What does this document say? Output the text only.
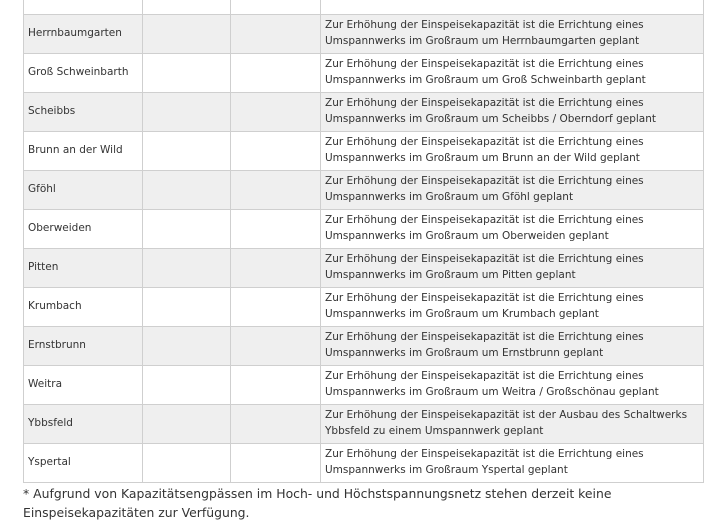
Herrnbaumgarten			Zur Erhöhung der Einspeisekapazität ist die Errichtung eines Umspannwerks im Großraum um Herrnbaumgarten geplant
Groß Schweinbarth			Zur Erhöhung der Einspeisekapazität ist die Errichtung eines Umspannwerks im Großraum um Groß Schweinbarth geplant
Scheibbs			Zur Erhöhung der Einspeisekapazität ist die Errichtung eines Umspannwerks im Großraum um Scheibbs / Oberndorf geplant
Brunn an der Wild			Zur Erhöhung der Einspeisekapazität ist die Errichtung eines Umspannwerks im Großraum um Brunn an der Wild geplant
Gföhl			Zur Erhöhung der Einspeisekapazität ist die Errichtung eines Umspannwerks im Großraum um Gföhl geplant
Oberweiden			Zur Erhöhung der Einspeisekapazität ist die Errichtung eines Umspannwerks im Großraum um Oberweiden geplant
Pitten			Zur Erhöhung der Einspeisekapazität ist die Errichtung eines Umspannwerks im Großraum um Pitten geplant
Krumbach			Zur Erhöhung der Einspeisekapazität ist die Errichtung eines Umspannwerks im Großraum um Krumbach geplant
Ernstbrunn			Zur Erhöhung der Einspeisekapazität ist die Errichtung eines Umspannwerks im Großraum um Ernstbrunn geplant
Weitra			Zur Erhöhung der Einspeisekapazität ist die Errichtung eines Umspannwerks im Großraum um Weitra / Großschönau geplant
Ybbsfeld			Zur Erhöhung der Einspeisekapazität ist der Ausbau des Schaltwerks Ybbsfeld zu einem Umspannwerk geplant
Yspertal			Zur Erhöhung der Einspeisekapazität ist die Errichtung eines Umspannwerks im Großraum Yspertal geplant
* Aufgrund von Kapazitätsengpässen im Hoch- und Höchstspannungsnetz stehen derzeit keine Einspeisekapazitäten zur Verfügung.
